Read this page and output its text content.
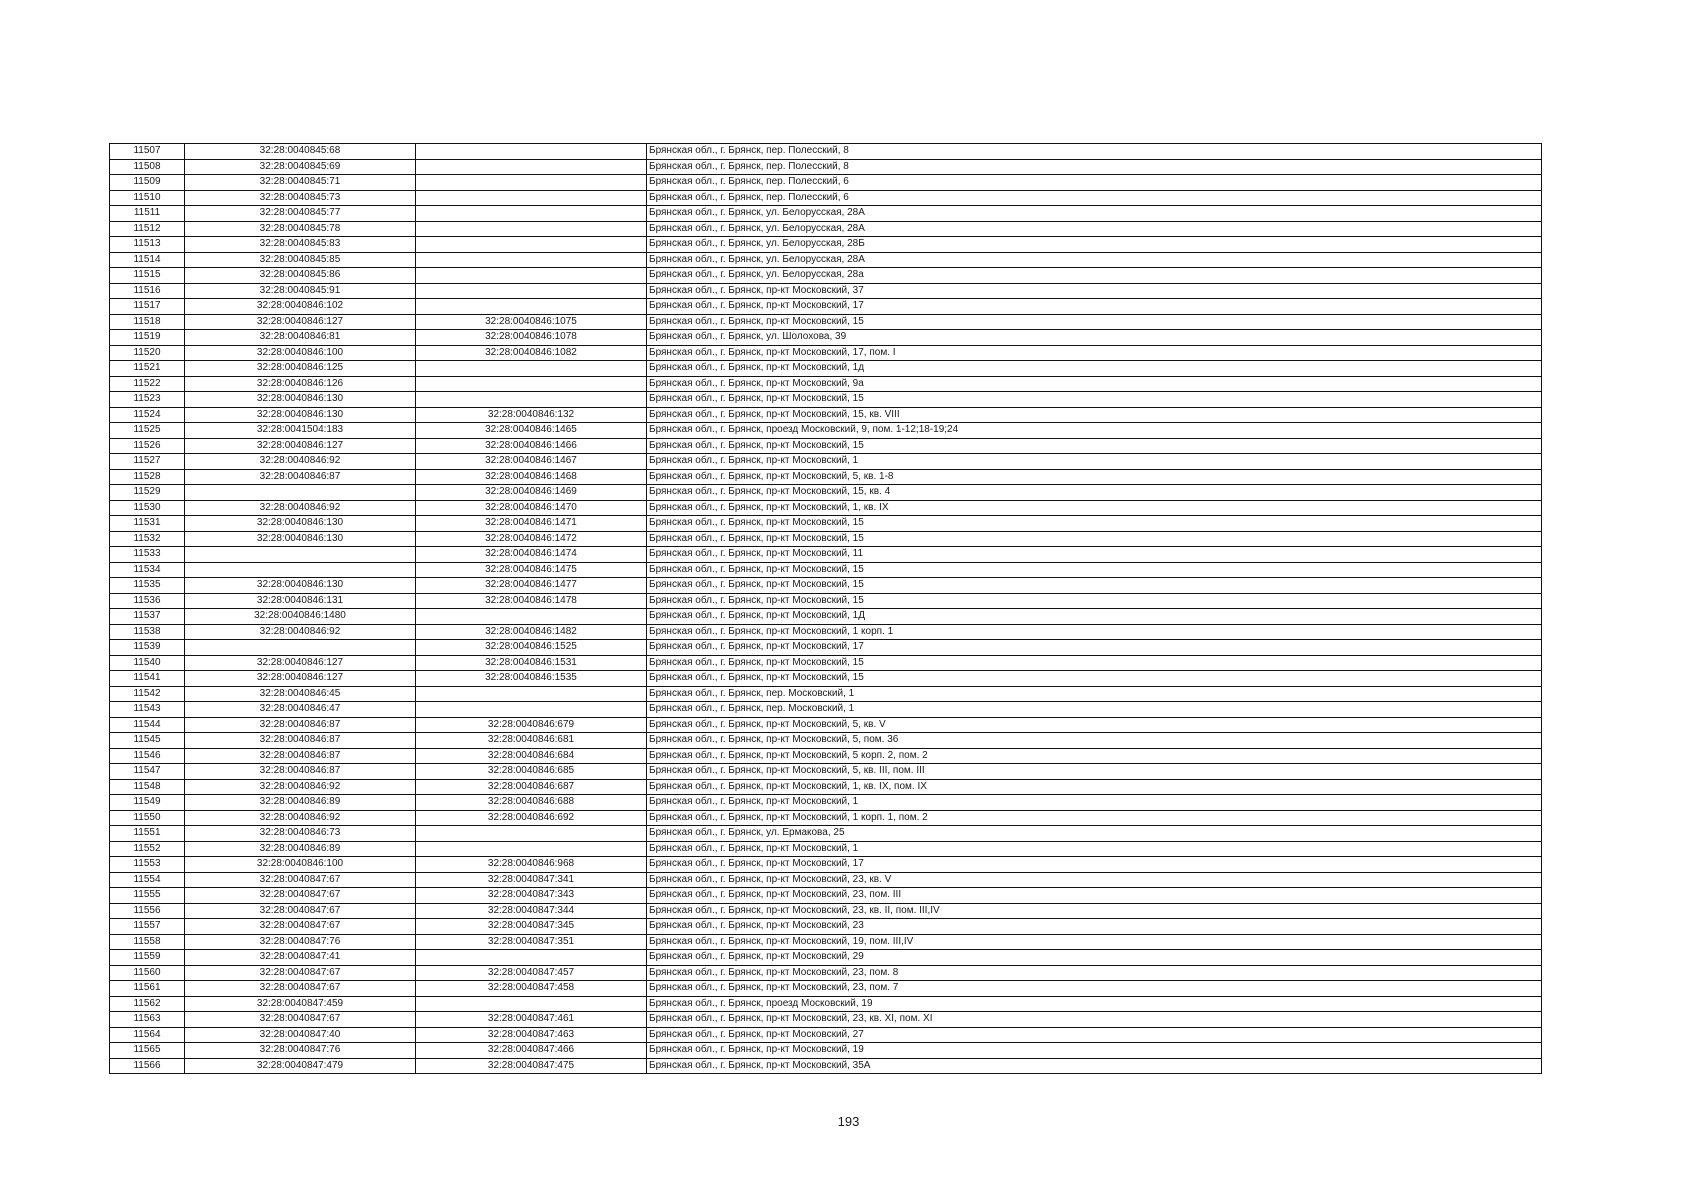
11507	32:28:0040845:68		Брянская обл., г. Брянск, пер. Полесский, 8
11508	32:28:0040845:69		Брянская обл., г. Брянск, пер. Полесский, 8
11509	32:28:0040845:71		Брянская обл., г. Брянск, пер. Полесский, 6
11510	32:28:0040845:73		Брянская обл., г. Брянск, пер. Полесский, 6
11511	32:28:0040845:77		Брянская обл., г. Брянск, ул. Белорусская, 28А
11512	32:28:0040845:78		Брянская обл., г. Брянск, ул. Белорусская, 28А
11513	32:28:0040845:83		Брянская обл., г. Брянск, ул. Белорусская, 28Б
11514	32:28:0040845:85		Брянская обл., г. Брянск, ул. Белорусская, 28А
11515	32:28:0040845:86		Брянская обл., г. Брянск, ул. Белорусская, 28а
11516	32:28:0040845:91		Брянская обл., г. Брянск, пр-кт Московский, 37
11517	32:28:0040846:102		Брянская обл., г. Брянск, пр-кт Московский, 17
11518	32:28:0040846:127	32:28:0040846:1075	Брянская обл., г. Брянск, пр-кт Московский, 15
11519	32:28:0040846:81	32:28:0040846:1078	Брянская обл., г. Брянск, ул. Шолохова, 39
11520	32:28:0040846:100	32:28:0040846:1082	Брянская обл., г. Брянск, пр-кт Московский, 17, пом. I
11521	32:28:0040846:125		Брянская обл., г. Брянск, пр-кт Московский, 1д
11522	32:28:0040846:126		Брянская обл., г. Брянск, пр-кт Московский, 9а
11523	32:28:0040846:130		Брянская обл., г. Брянск, пр-кт Московский, 15
11524	32:28:0040846:130	32:28:0040846:132	Брянская обл., г. Брянск, пр-кт Московский, 15, кв. VIII
11525	32:28:0041504:183	32:28:0040846:1465	Брянская обл., г. Брянск, проезд Московский, 9, пом. 1-12;18-19;24
11526	32:28:0040846:127	32:28:0040846:1466	Брянская обл., г. Брянск, пр-кт Московский, 15
11527	32:28:0040846:92	32:28:0040846:1467	Брянская обл., г. Брянск, пр-кт Московский, 1
11528	32:28:0040846:87	32:28:0040846:1468	Брянская обл., г. Брянск, пр-кт Московский, 5, кв. 1-8
11529		32:28:0040846:1469	Брянская обл., г. Брянск, пр-кт Московский, 15, кв. 4
11530	32:28:0040846:92	32:28:0040846:1470	Брянская обл., г. Брянск, пр-кт Московский, 1, кв. IX
11531	32:28:0040846:130	32:28:0040846:1471	Брянская обл., г. Брянск, пр-кт Московский, 15
11532	32:28:0040846:130	32:28:0040846:1472	Брянская обл., г. Брянск, пр-кт Московский, 15
11533		32:28:0040846:1474	Брянская обл., г. Брянск, пр-кт Московский, 11
11534		32:28:0040846:1475	Брянская обл., г. Брянск, пр-кт Московский, 15
11535	32:28:0040846:130	32:28:0040846:1477	Брянская обл., г. Брянск, пр-кт Московский, 15
11536	32:28:0040846:131	32:28:0040846:1478	Брянская обл., г. Брянск, пр-кт Московский, 15
11537	32:28:0040846:1480		Брянская обл., г. Брянск, пр-кт Московский, 1Д
11538	32:28:0040846:92	32:28:0040846:1482	Брянская обл., г. Брянск, пр-кт Московский, 1 корп. 1
11539		32:28:0040846:1525	Брянская обл., г. Брянск, пр-кт Московский, 17
11540	32:28:0040846:127	32:28:0040846:1531	Брянская обл., г. Брянск, пр-кт Московский, 15
11541	32:28:0040846:127	32:28:0040846:1535	Брянская обл., г. Брянск, пр-кт Московский, 15
11542	32:28:0040846:45		Брянская обл., г. Брянск, пер. Московский, 1
11543	32:28:0040846:47		Брянская обл., г. Брянск, пер. Московский, 1
11544	32:28:0040846:87	32:28:0040846:679	Брянская обл., г. Брянск, пр-кт Московский, 5, кв. V
11545	32:28:0040846:87	32:28:0040846:681	Брянская обл., г. Брянск, пр-кт Московский, 5, пом. 36
11546	32:28:0040846:87	32:28:0040846:684	Брянская обл., г. Брянск, пр-кт Московский, 5 корп. 2, пом. 2
11547	32:28:0040846:87	32:28:0040846:685	Брянская обл., г. Брянск, пр-кт Московский, 5, кв. III, пом. III
11548	32:28:0040846:92	32:28:0040846:687	Брянская обл., г. Брянск, пр-кт Московский, 1, кв. IX, пом. IX
11549	32:28:0040846:89	32:28:0040846:688	Брянская обл., г. Брянск, пр-кт Московский, 1
11550	32:28:0040846:92	32:28:0040846:692	Брянская обл., г. Брянск, пр-кт Московский, 1 корп. 1, пом. 2
11551	32:28:0040846:73		Брянская обл., г. Брянск, ул. Ермакова, 25
11552	32:28:0040846:89		Брянская обл., г. Брянск, пр-кт Московский, 1
11553	32:28:0040846:100	32:28:0040846:968	Брянская обл., г. Брянск, пр-кт Московский, 17
11554	32:28:0040847:67	32:28:0040847:341	Брянская обл., г. Брянск, пр-кт Московский, 23, кв. V
11555	32:28:0040847:67	32:28:0040847:343	Брянская обл., г. Брянск, пр-кт Московский, 23, пом. III
11556	32:28:0040847:67	32:28:0040847:344	Брянская обл., г. Брянск, пр-кт Московский, 23, кв. II, пом. III,IV
11557	32:28:0040847:67	32:28:0040847:345	Брянская обл., г. Брянск, пр-кт Московский, 23
11558	32:28:0040847:76	32:28:0040847:351	Брянская обл., г. Брянск, пр-кт Московский, 19, пом. III,IV
11559	32:28:0040847:41		Брянская обл., г. Брянск, пр-кт Московский, 29
11560	32:28:0040847:67	32:28:0040847:457	Брянская обл., г. Брянск, пр-кт Московский, 23, пом. 8
11561	32:28:0040847:67	32:28:0040847:458	Брянская обл., г. Брянск, пр-кт Московский, 23, пом. 7
11562	32:28:0040847:459		Брянская обл., г. Брянск, проезд Московский, 19
11563	32:28:0040847:67	32:28:0040847:461	Брянская обл., г. Брянск, пр-кт Московский, 23, кв. XI, пом. XI
11564	32:28:0040847:40	32:28:0040847:463	Брянская обл., г. Брянск, пр-кт Московский, 27
11565	32:28:0040847:76	32:28:0040847:466	Брянская обл., г. Брянск, пр-кт Московский, 19
11566	32:28:0040847:479	32:28:0040847:475	Брянская обл., г. Брянск, пр-кт Московский, 35А
193
